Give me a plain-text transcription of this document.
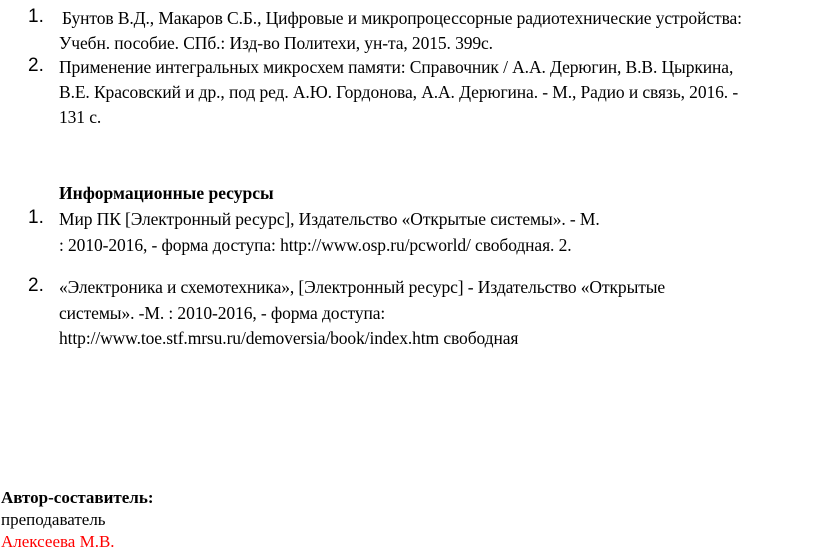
1. Бунтов В.Д., Макаров С.Б., Цифровые и микропроцессорные радиотехнические устройства:
Учебн. пособие. СПб.: Изд-во Политехи, ун-та, 2015. 399с.
2. Применение интегральных микросхем памяти: Справочник / А.А. Дерюгин, В.В. Цыркина,
В.Е. Красовский и др., под ред. А.Ю. Гордонова, А.А. Дерюгина. - М., Радио и связь, 2016. -
131 с.
Информационные ресурсы
1. Мир ПК [Электронный ресурс], Издательство «Открытые системы». - М.
: 2010-2016, - форма доступа: http://www.osp.ru/pcworld/ свободная. 2.
2. «Электроника и схемотехника», [Электронный ресурс] - Издательство «Открытые
системы». -М. : 2010-2016, - форма доступа:
http://www.toe.stf.mrsu.ru/demoversia/book/index.htm свободная
Автор-составитель:
преподаватель
Алексеева М.В.
